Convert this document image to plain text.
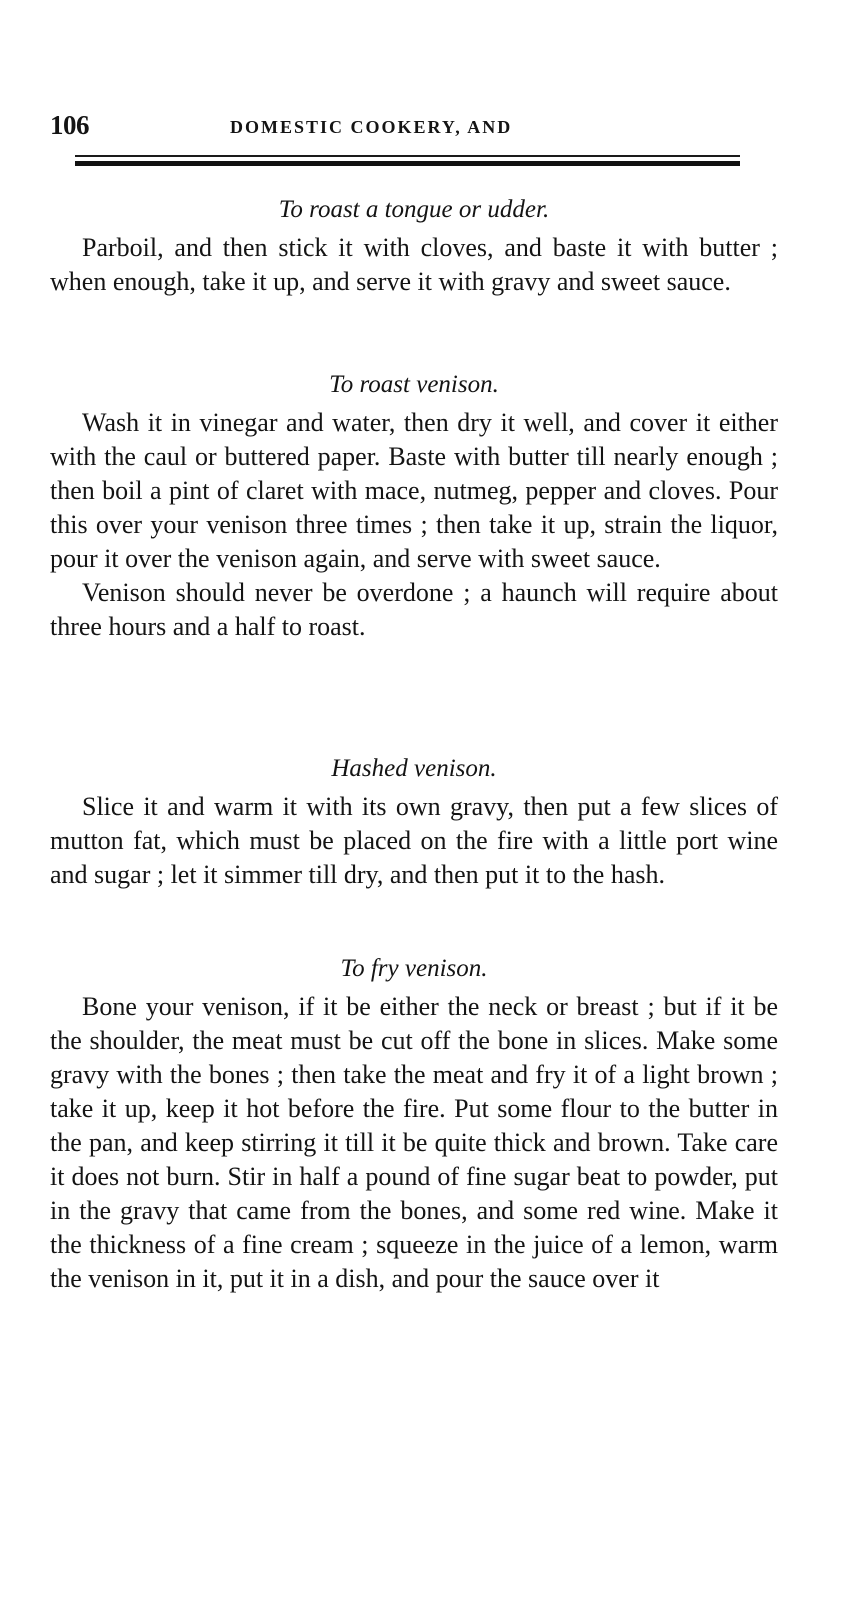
106	DOMESTIC COOKERY, AND
To roast a tongue or udder.

Parboil, and then stick it with cloves, and baste it with butter ; when enough, take it up, and serve it with gravy and sweet sauce.

To roast venison.

Wash it in vinegar and water, then dry it well, and cover it either with the caul or buttered paper. Baste with butter till nearly enough ; then boil a pint of claret with mace, nutmeg, pepper and cloves. Pour this over your venison three times ; then take it up, strain the liquor, pour it over the venison again, and serve with sweet sauce.

Venison should never be overdone ; a haunch will require about three hours and a half to roast.

Hashed venison.

Slice it and warm it with its own gravy, then put a few slices of mutton fat, which must be placed on the fire with a little port wine and sugar ; let it simmer till dry, and then put it to the hash.

To fry venison.

Bone your venison, if it be either the neck or breast ; but if it be the shoulder, the meat must be cut off the bone in slices. Make some gravy with the bones ; then take the meat and fry it of a light brown ; take it up, keep it hot before the fire. Put some flour to the butter in the pan, and keep stirring it till it be quite thick and brown. Take care it does not burn. Stir in half a pound of fine sugar beat to powder, put in the gravy that came from the bones, and some red wine. Make it the thickness of a fine cream ; squeeze in the juice of a lemon, warm the venison in it, put it in a dish, and pour the sauce over it
